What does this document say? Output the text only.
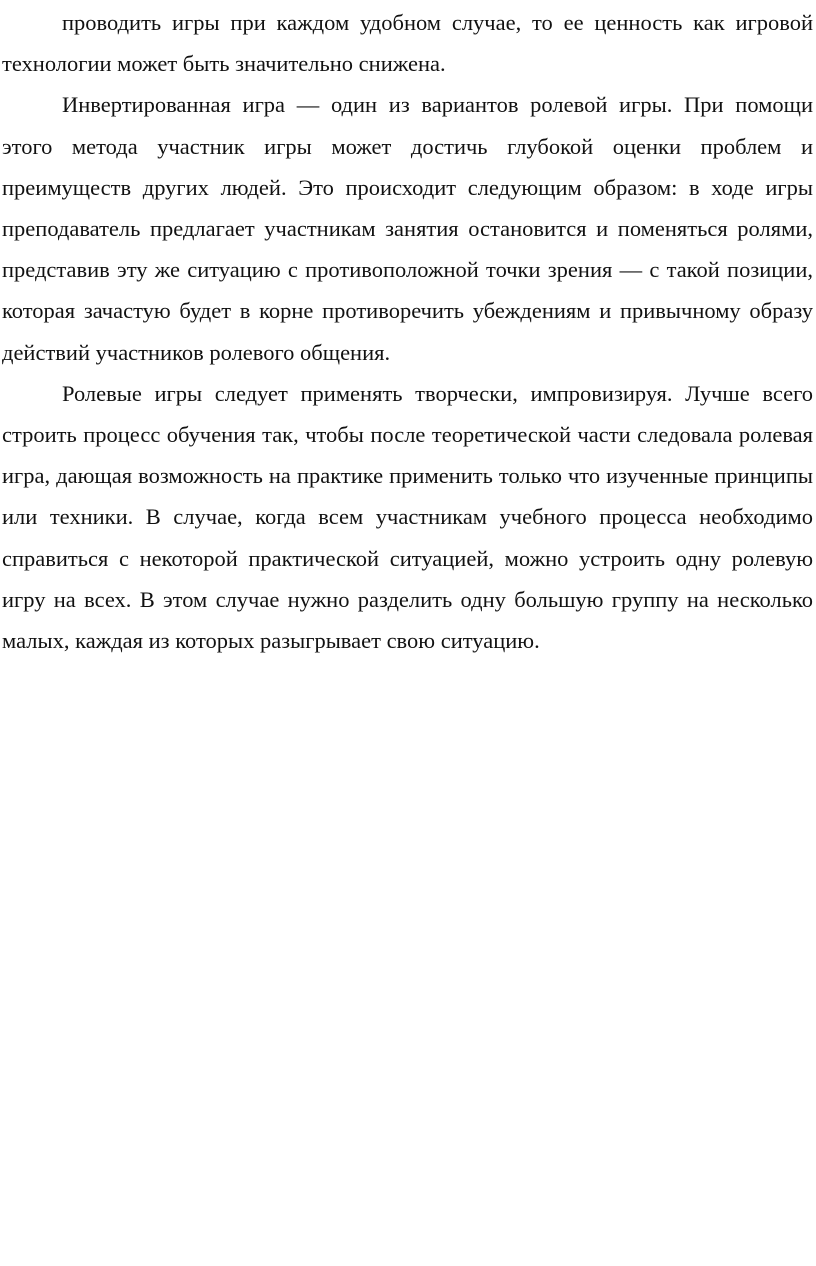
проводить игры при каждом удобном случае, то ее ценность как игровой технологии может быть значительно снижена.

Инвертированная игра — один из вариантов ролевой игры. При помощи этого метода участник игры может достичь глубокой оценки проблем и преимуществ других людей. Это происходит следующим образом: в ходе игры преподаватель предлагает участникам занятия остановится и поменяться ролями, представив эту же ситуацию с противоположной точки зрения — с такой позиции, которая зачастую будет в корне противоречить убеждениям и привычному образу действий участников ролевого общения.

Ролевые игры следует применять творчески, импровизируя. Лучше всего строить процесс обучения так, чтобы после теоретической части следовала ролевая игра, дающая возможность на практике применить только что изученные принципы или техники. В случае, когда всем участникам учебного процесса необходимо справиться с некоторой практической ситуацией, можно устроить одну ролевую игру на всех. В этом случае нужно разделить одну большую группу на несколько малых, каждая из которых разыгрывает свою ситуацию.
